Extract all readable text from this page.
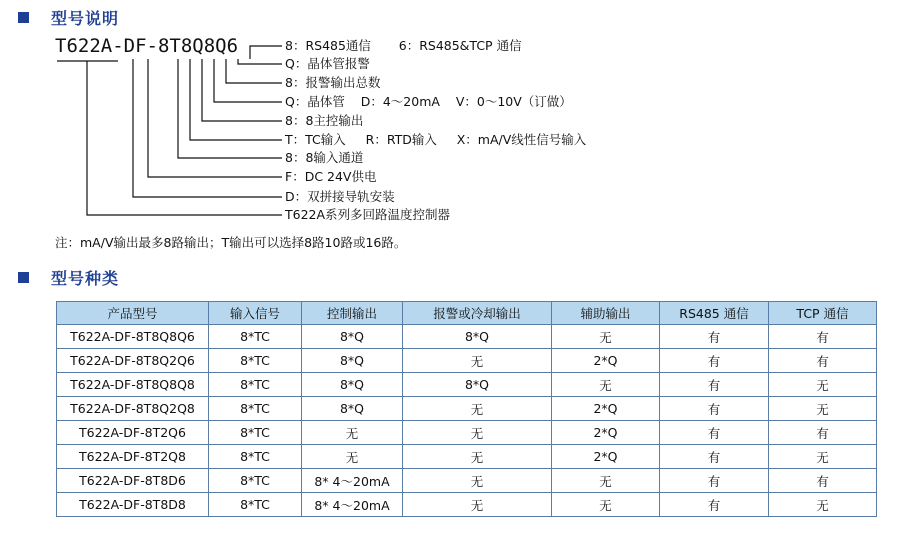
型号说明
T622A-DF-8T8Q8Q6	8：RS485通信       6：RS485&TCP 通信
Q：晶体管报警
8：报警输出总数
Q：晶体管    D：4～20mA    V：0～10V（订做）
8：8主控输出
T：TC输入     R：RTD输入     X：mA/V线性信号输入
8：8输入通道
F：DC 24V供电
D：双拼接导轨安装
T622A系列多回路温度控制器
注：mA/V输出最多8路输出；T输出可以选择8路10路或16路。
型号种类
产品型号	输入信号	控制输出	报警或冷却输出	辅助输出	RS485 通信	TCP 通信
T622A-DF-8T8Q8Q6	8*TC	8*Q	8*Q	无	有	有
T622A-DF-8T8Q2Q6	8*TC	8*Q	无	2*Q	有	有
T622A-DF-8T8Q8Q8	8*TC	8*Q	8*Q	无	有	无
T622A-DF-8T8Q2Q8	8*TC	8*Q	无	2*Q	有	无
T622A-DF-8T2Q6	8*TC	无	无	2*Q	有	有
T622A-DF-8T2Q8	8*TC	无	无	2*Q	有	无
T622A-DF-8T8D6	8*TC	8* 4～20mA	无	无	有	有
T622A-DF-8T8D8	8*TC	8* 4～20mA	无	无	有	无
